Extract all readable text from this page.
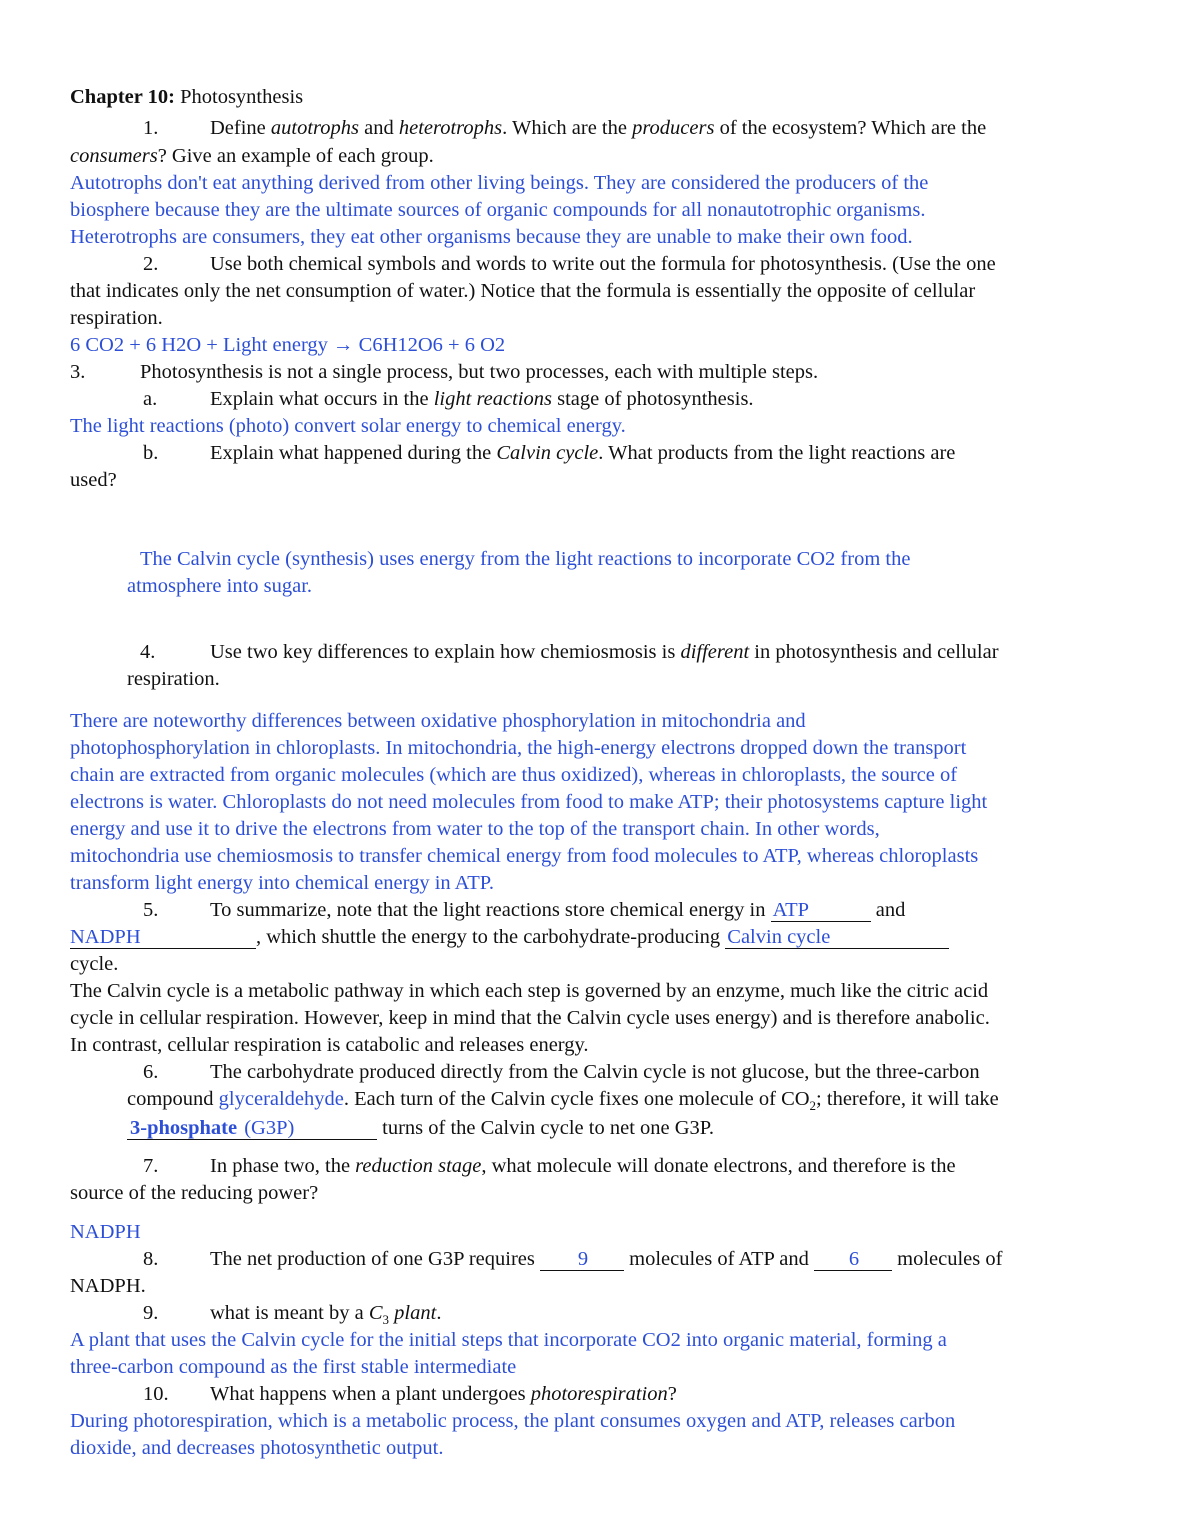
Chapter 10: Photosynthesis
1.	Define autotrophs and heterotrophs. Which are the producers of the ecosystem? Which are the
consumers? Give an example of each group.
Autotrophs don't eat anything derived from other living beings. They are considered the producers of the
biosphere because they are the ultimate sources of organic compounds for all nonautotrophic organisms.
Heterotrophs are consumers, they eat other organisms because they are unable to make their own food.
2.	Use both chemical symbols and words to write out the formula for photosynthesis. (Use the one
that indicates only the net consumption of water.) Notice that the formula is essentially the opposite of cellular
respiration.
6 CO2 + 6 H2O + Light energy → C6H12O6 + 6 O2
3.	Photosynthesis is not a single process, but two processes, each with multiple steps.
a.	Explain what occurs in the light reactions stage of photosynthesis.
The light reactions (photo) convert solar energy to chemical energy.
b.	Explain what happened during the Calvin cycle. What products from the light reactions are
used?
The Calvin cycle (synthesis) uses energy from the light reactions to incorporate CO2 from the
atmosphere into sugar.
4.	Use two key differences to explain how chemiosmosis is different in photosynthesis and cellular
respiration.
There are noteworthy differences between oxidative phosphorylation in mitochondria and
photophosphorylation in chloroplasts. In mitochondria, the high-energy electrons dropped down the transport
chain are extracted from organic molecules (which are thus oxidized), whereas in chloroplasts, the source of
electrons is water. Chloroplasts do not need molecules from food to make ATP; their photosystems capture light
energy and use it to drive the electrons from water to the top of the transport chain. In other words,
mitochondria use chemiosmosis to transfer chemical energy from food molecules to ATP, whereas chloroplasts
transform light energy into chemical energy in ATP.
5.	To summarize, note that the light reactions store chemical energy in ATP	and
NADPH	, which shuttle the energy to the carbohydrate-producing Calvin cycle
cycle.
The Calvin cycle is a metabolic pathway in which each step is governed by an enzyme, much like the citric acid
cycle in cellular respiration. However, keep in mind that the Calvin cycle uses energy) and is therefore anabolic.
In contrast, cellular respiration is catabolic and releases energy.
6.	The carbohydrate produced directly from the Calvin cycle is not glucose, but the three-carbon
compound glyceraldehyde. Each turn of the Calvin cycle fixes one molecule of $CO_2$; therefore, it will take
3-phosphate (G3P)	turns of the Calvin cycle to net one G3P.
7.	In phase two, the reduction stage, what molecule will donate electrons, and therefore is the
source of the reducing power?
NADPH
8.	The net production of one G3P requires 9 molecules of ATP and 6 molecules of
NADPH.
9.	what is meant by a $C_3$ plant.
A plant that uses the Calvin cycle for the initial steps that incorporate CO2 into organic material, forming a
three-carbon compound as the first stable intermediate
10. What happens when a plant undergoes photorespiration?
During photorespiration, which is a metabolic process, the plant consumes oxygen and ATP, releases carbon
dioxide, and decreases photosynthetic output.
